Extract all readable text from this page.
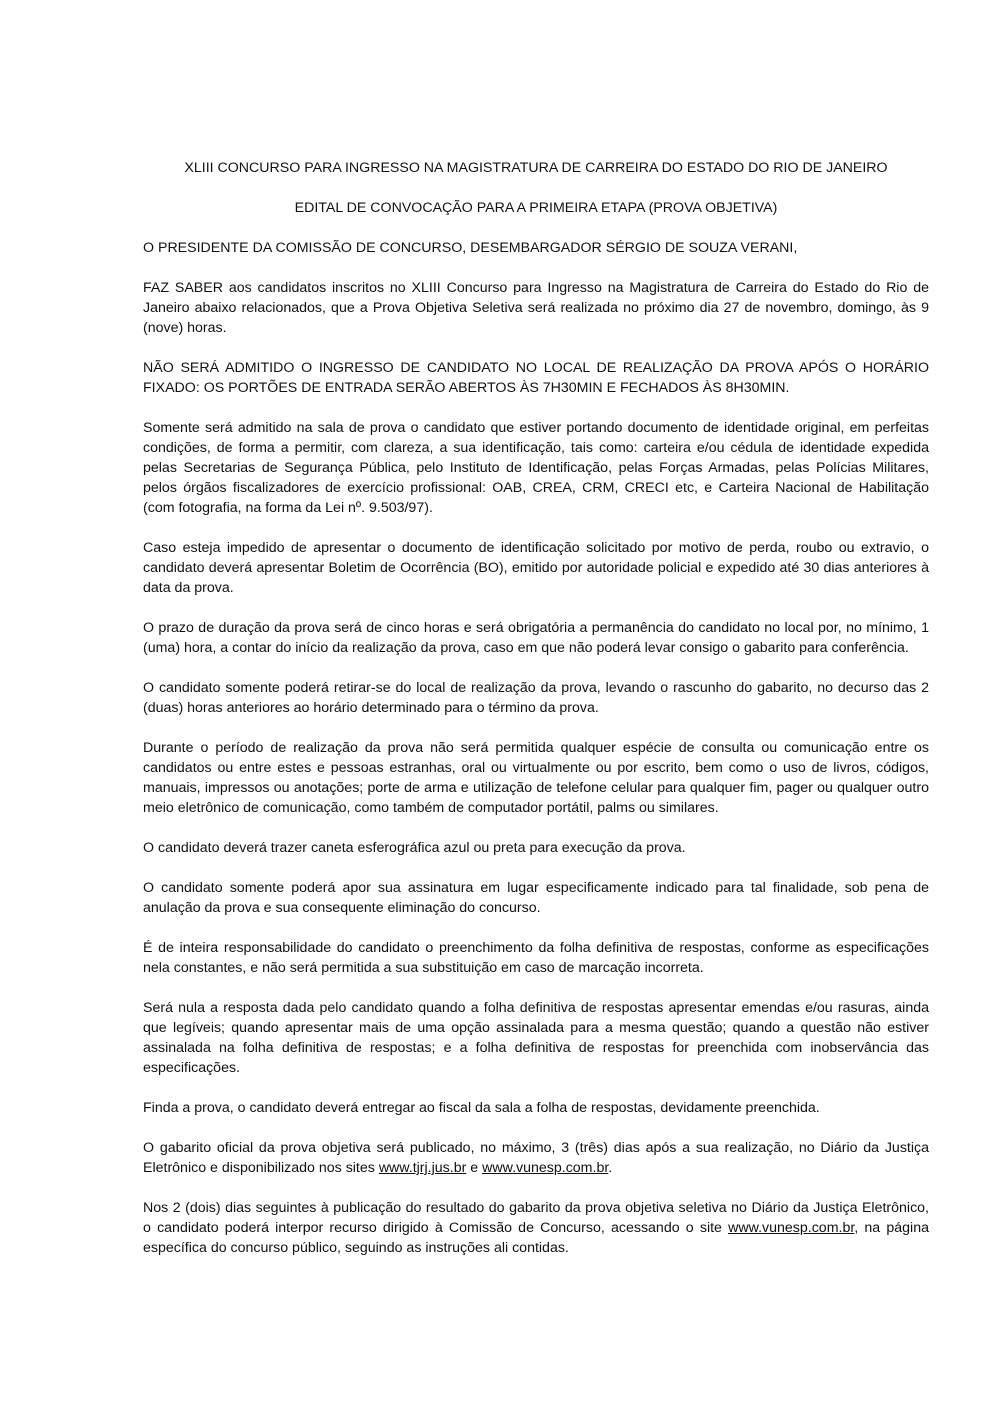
XLIII CONCURSO PARA INGRESSO NA MAGISTRATURA DE CARREIRA DO ESTADO DO RIO DE JANEIRO

EDITAL DE CONVOCAÇÃO PARA A PRIMEIRA ETAPA (PROVA OBJETIVA)

O PRESIDENTE DA COMISSÃO DE CONCURSO, DESEMBARGADOR SÉRGIO DE SOUZA VERANI,

FAZ SABER aos candidatos inscritos no XLIII Concurso para Ingresso na Magistratura de Carreira do Estado do Rio de Janeiro abaixo relacionados, que a Prova Objetiva Seletiva será realizada no próximo dia 27 de novembro, domingo, às 9 (nove) horas.

NÃO SERÁ ADMITIDO O INGRESSO DE CANDIDATO NO LOCAL DE REALIZAÇÃO DA PROVA APÓS O HORÁRIO FIXADO: OS PORTÕES DE ENTRADA SERÃO ABERTOS ÀS 7H30MIN E FECHADOS ÀS 8H30MIN.

Somente será admitido na sala de prova o candidato que estiver portando documento de identidade original, em perfeitas condições, de forma a permitir, com clareza, a sua identificação, tais como: carteira e/ou cédula de identidade expedida pelas Secretarias de Segurança Pública, pelo Instituto de Identificação, pelas Forças Armadas, pelas Polícias Militares, pelos órgãos fiscalizadores de exercício profissional: OAB, CREA, CRM, CRECI etc, e Carteira Nacional de Habilitação (com fotografia, na forma da Lei nº. 9.503/97).

Caso esteja impedido de apresentar o documento de identificação solicitado por motivo de perda, roubo ou extravio, o candidato deverá apresentar Boletim de Ocorrência (BO), emitido por autoridade policial e expedido até 30 dias anteriores à data da prova.

O prazo de duração da prova será de cinco horas e será obrigatória a permanência do candidato no local por, no mínimo, 1 (uma) hora, a contar do início da realização da prova, caso em que não poderá levar consigo o gabarito para conferência.

O candidato somente poderá retirar-se do local de realização da prova, levando o rascunho do gabarito, no decurso das 2 (duas) horas anteriores ao horário determinado para o término da prova.

Durante o período de realização da prova não será permitida qualquer espécie de consulta ou comunicação entre os candidatos ou entre estes e pessoas estranhas, oral ou virtualmente ou por escrito, bem como o uso de livros, códigos, manuais, impressos ou anotações; porte de arma e utilização de telefone celular para qualquer fim, pager ou qualquer outro meio eletrônico de comunicação, como também de computador portátil, palms ou similares.

O candidato deverá trazer caneta esferográfica azul ou preta para execução da prova.

O candidato somente poderá apor sua assinatura em lugar especificamente indicado para tal finalidade, sob pena de anulação da prova e sua consequente eliminação do concurso.

É de inteira responsabilidade do candidato o preenchimento da folha definitiva de respostas, conforme as especificações nela constantes, e não será permitida a sua substituição em caso de marcação incorreta.

Será nula a resposta dada pelo candidato quando a folha definitiva de respostas apresentar emendas e/ou rasuras, ainda que legíveis; quando apresentar mais de uma opção assinalada para a mesma questão; quando a questão não estiver assinalada na folha definitiva de respostas; e a folha definitiva de respostas for preenchida com inobservância das especificações.

Finda a prova, o candidato deverá entregar ao fiscal da sala a folha de respostas, devidamente preenchida.

O gabarito oficial da prova objetiva será publicado, no máximo, 3 (três) dias após a sua realização, no Diário da Justiça Eletrônico e disponibilizado nos sites www.tjrj.jus.br e www.vunesp.com.br.

Nos 2 (dois) dias seguintes à publicação do resultado do gabarito da prova objetiva seletiva no Diário da Justiça Eletrônico, o candidato poderá interpor recurso dirigido à Comissão de Concurso, acessando o site www.vunesp.com.br, na página específica do concurso público, seguindo as instruções ali contidas.
